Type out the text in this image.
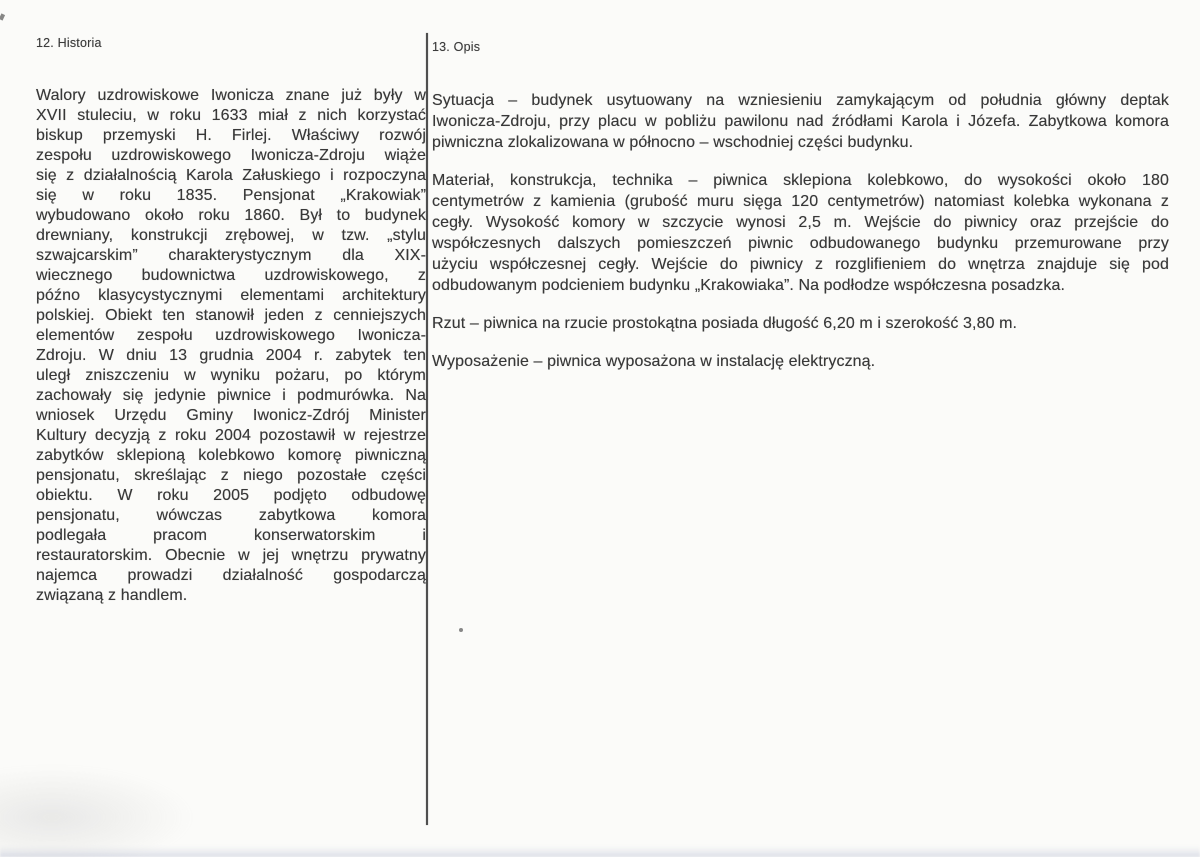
12. Historia	13. Opis
Walory uzdrowiskowe Iwonicza znane już były w
XVII stuleciu, w roku 1633 miał z nich korzystać
biskup przemyski H. Firlej. Właściwy rozwój
zespołu uzdrowiskowego Iwonicza-Zdroju wiąże
się z działalnością Karola Załuskiego i rozpoczyna
się w roku 1835. Pensjonat „Krakowiak”
wybudowano około roku 1860. Był to budynek
drewniany, konstrukcji zrębowej, w tzw. „stylu
szwajcarskim” charakterystycznym dla XIX-
wiecznego budownictwa uzdrowiskowego, z
późno klasycystycznymi elementami architektury
polskiej. Obiekt ten stanowił jeden z cenniejszych
elementów zespołu uzdrowiskowego Iwonicza-
Zdroju. W dniu 13 grudnia 2004 r. zabytek ten
uległ zniszczeniu w wyniku pożaru, po którym
zachowały się jedynie piwnice i podmurówka. Na
wniosek Urzędu Gminy Iwonicz-Zdrój Minister
Kultury decyzją z roku 2004 pozostawił w rejestrze
zabytków sklepioną kolebkowo komorę piwniczną
pensjonatu, skreślając z niego pozostałe części
obiektu. W roku 2005 podjęto odbudowę
pensjonatu, wówczas zabytkowa komora
podlegała pracom konserwatorskim i
restauratorskim. Obecnie w jej wnętrzu prywatny
najemca prowadzi działalność gospodarczą
związaną z handlem.
Sytuacja – budynek usytuowany na wzniesieniu zamykającym od południa główny deptak
Iwonicza-Zdroju, przy placu w pobliżu pawilonu nad źródłami Karola i Józefa. Zabytkowa komora
piwniczna zlokalizowana w północno – wschodniej części budynku.
Materiał, konstrukcja, technika – piwnica sklepiona kolebkowo, do wysokości około 180
centymetrów z kamienia (grubość muru sięga 120 centymetrów) natomiast kolebka wykonana z
cegły. Wysokość komory w szczycie wynosi 2,5 m. Wejście do piwnicy oraz przejście do
współczesnych dalszych pomieszczeń piwnic odbudowanego budynku przemurowane przy
użyciu współczesnej cegły. Wejście do piwnicy z rozglifieniem do wnętrza znajduje się pod
odbudowanym podcieniem budynku „Krakowiaka”. Na podłodze współczesna posadzka.
Rzut – piwnica na rzucie prostokątna posiada długość 6,20 m i szerokość 3,80 m.
Wyposażenie – piwnica wyposażona w instalację elektryczną.
